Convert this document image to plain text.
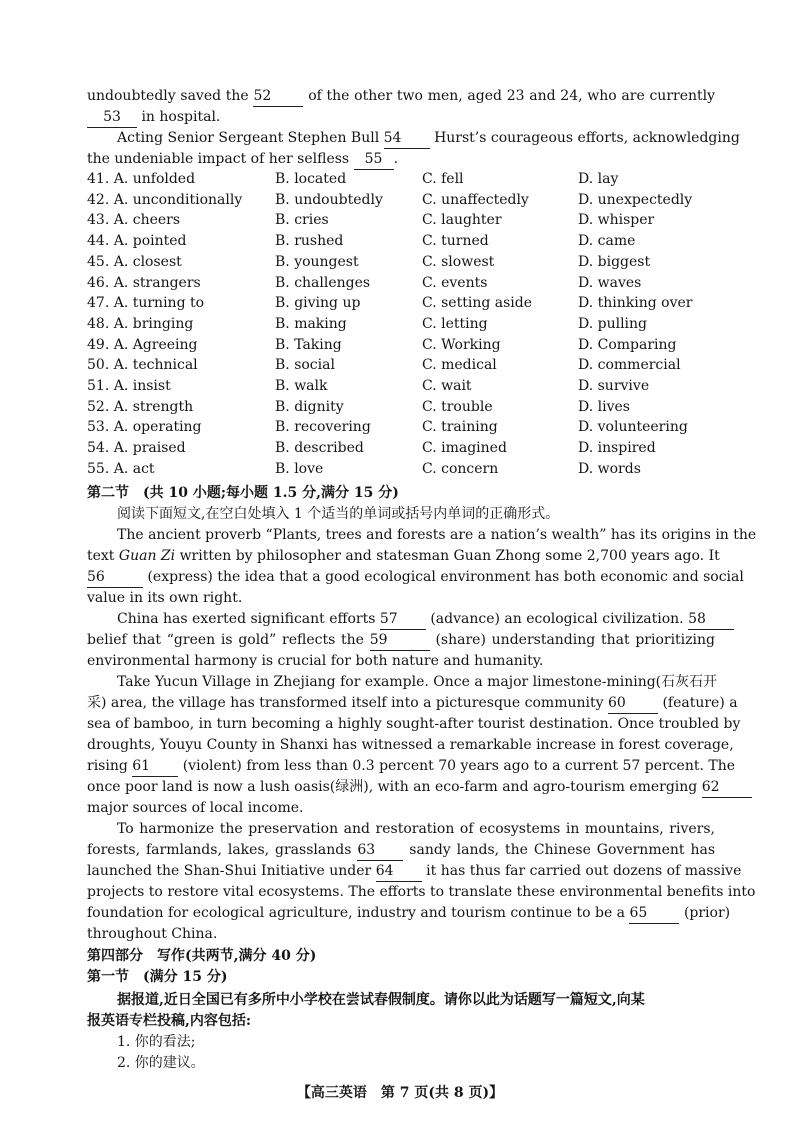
undoubtedly saved the 52	of the other two men, aged 23 and 24, who are currently
53 in hospital.
Acting Senior Sergeant Stephen Bull 54 Hurst’s courageous efforts, acknowledging
the undeniable impact of her selfless 55 .
41. A. unfolded	B. located	C. fell	D. lay
42. A. unconditionally B. undoubtedly	C. unaffectedly	D. unexpectedly
43. A. cheers	B. cries	C. laughter	D. whisper
44. A. pointed	B. rushed	C. turned	D. came
45. A. closest	B. youngest	C. slowest	D. biggest
46. A. strangers	B. challenges	C. events	D. waves
47. A. turning to	B. giving up	C. setting aside	D. thinking over
48. A. bringing	B. making	C. letting	D. pulling
49. A. Agreeing	B. Taking	C. Working	D. Comparing
50. A. technical	B. social	C. medical	D. commercial
51. A. insist	B. walk	C. wait	D. survive
52. A. strength	B. dignity	C. trouble	D. lives
53. A. operating	B. recovering	C. training	D. volunteering
54. A. praised	B. described	C. imagined	D. inspired
55. A. act	B. love	C. concern	D. words
第二节　(共 10 小题;每小题 1.5 分,满分 15 分)
阅读下面短文,在空白处填入 1 个适当的单词或括号内单词的正确形式。
The ancient proverb “Plants, trees and forests are a nation’s wealth” has its origins in the
text Guan Zi written by philosopher and statesman Guan Zhong some 2,700 years ago. It
56	(express) the idea that a good ecological environment has both economic and social
value in its own right.
China has exerted significant efforts 57 (advance) an ecological civilization. 58
belief that “green is gold” reflects the 59	(share) understanding that prioritizing
environmental harmony is crucial for both nature and humanity.
Take Yucun Village in Zhejiang for example. Once a major limestone-mining(石灰石开
采) area, the village has transformed itself into a picturesque community 60	(feature) a
sea of bamboo, in turn becoming a highly sought-after tourist destination. Once troubled by
droughts, Youyu County in Shanxi has witnessed a remarkable increase in forest coverage,
rising 61 (violent) from less than 0.3 percent 70 years ago to a current 57 percent. The
once poor land is now a lush oasis(绿洲), with an eco-farm and agro-tourism emerging 62
major sources of local income.
To harmonize the preservation and restoration of ecosystems in mountains, rivers,
forests, farmlands, lakes, grasslands 63 sandy lands, the Chinese Government has
launched the Shan-Shui Initiative under 64 it has thus far carried out dozens of massive
projects to restore vital ecosystems. The efforts to translate these environmental benefits into
foundation for ecological agriculture, industry and tourism continue to be a 65	(prior)
throughout China.
第四部分　写作(共两节,满分 40 分)
第一节　(满分 15 分)
据报道,近日全国已有多所中小学校在尝试春假制度。请你以此为话题写一篇短文,向某
报英语专栏投稿,内容包括:
1. 你的看法;
2. 你的建议。
【高三英语　第 7 页(共 8 页)】
